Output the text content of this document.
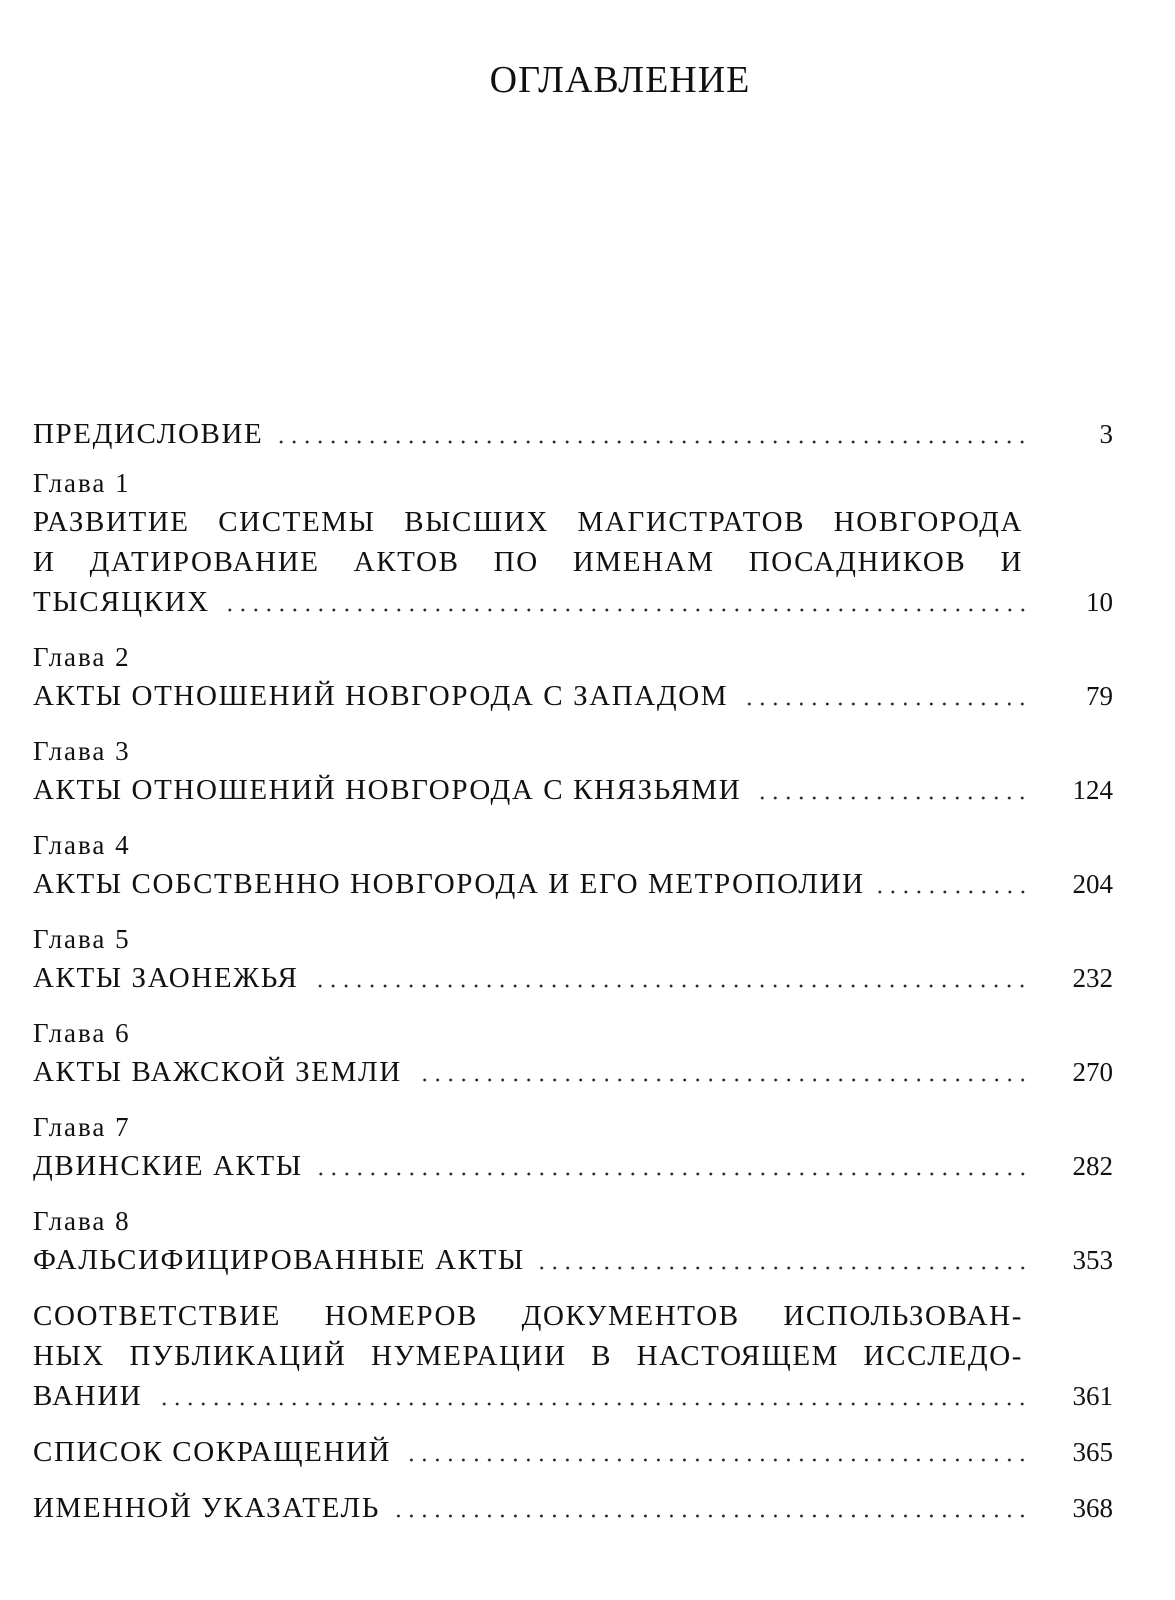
ОГЛАВЛЕНИЕ
ПРЕДИСЛОВИЕ	3
Глава 1
РАЗВИТИЕ СИСТЕМЫ ВЫСШИХ МАГИСТРАТОВ НОВГОРОДА
И ДАТИРОВАНИЕ АКТОВ ПО ИМЕНАМ ПОСАДНИКОВ И
ТЫСЯЦКИХ	10
Глава 2
АКТЫ ОТНОШЕНИЙ НОВГОРОДА С ЗАПАДОМ	79
Глава 3
АКТЫ ОТНОШЕНИЙ НОВГОРОДА С КНЯЗЬЯМИ	124
Глава 4
АКТЫ СОБСТВЕННО НОВГОРОДА И ЕГО МЕТРОПОЛИИ	204
Глава 5
АКТЫ ЗАОНЕЖЬЯ	232
Глава 6
АКТЫ ВАЖСКОЙ ЗЕМЛИ	270
Глава 7
ДВИНСКИЕ АКТЫ	282
Глава 8
ФАЛЬСИФИЦИРОВАННЫЕ АКТЫ	353
СООТВЕТСТВИЕ НОМЕРОВ ДОКУМЕНТОВ ИСПОЛЬЗОВАН-
НЫХ ПУБЛИКАЦИЙ НУМЕРАЦИИ В НАСТОЯЩЕМ ИССЛЕДО-
ВАНИИ	361
СПИСОК СОКРАЩЕНИЙ	365
ИМЕННОЙ УКАЗАТЕЛЬ	368
